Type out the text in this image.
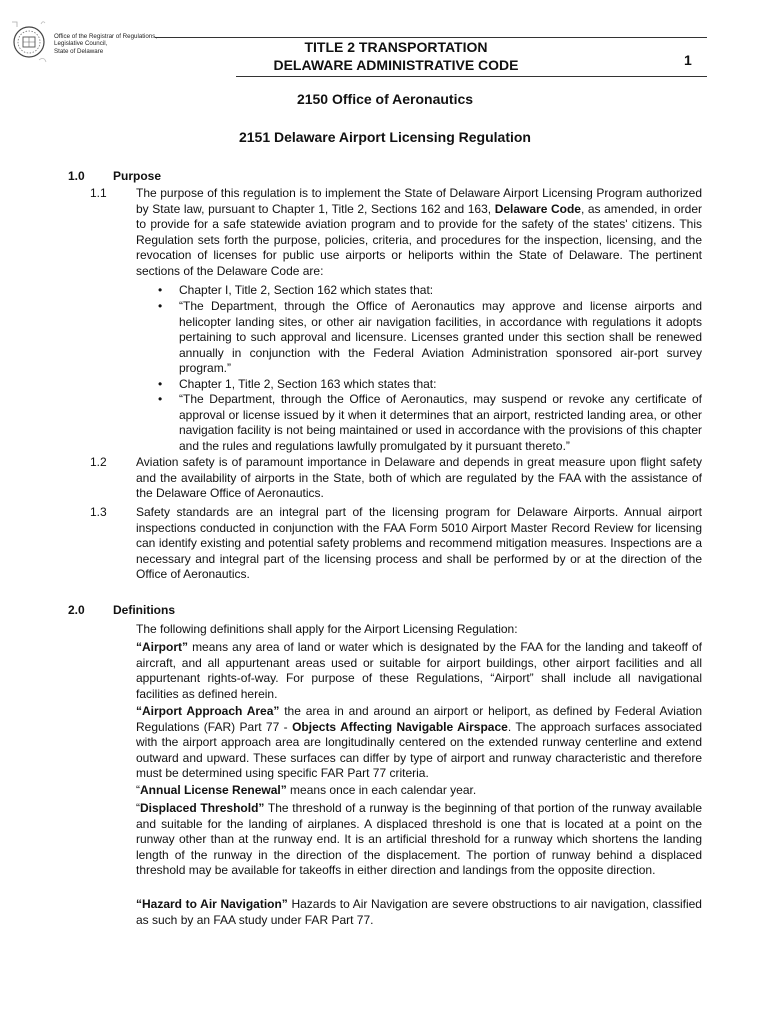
Office of the Registrar of Regulations,
Legislative Council,
State of Delaware	TITLE 2 TRANSPORTATION
DELAWARE ADMINISTRATIVE CODE	1
2150 Office of Aeronautics
2151 Delaware Airport Licensing Regulation
1.0 Purpose
1.1 The purpose of this regulation is to implement the State of Delaware Airport Licensing Program authorized by State law, pursuant to Chapter 1, Title 2, Sections 162 and 163, Delaware Code, as amended, in order to provide for a safe statewide aviation program and to provide for the safety of the states' citizens. This Regulation sets forth the purpose, policies, criteria, and procedures for the inspection, licensing, and the revocation of licenses for public use airports or heliports within the State of Delaware. The pertinent sections of the Delaware Code are:
• Chapter I, Title 2, Section 162 which states that:
• “The Department, through the Office of Aeronautics may approve and license airports and helicopter landing sites, or other air navigation facilities, in accordance with regulations it adopts pertaining to such approval and licensure. Licenses granted under this section shall be renewed annually in conjunction with the Federal Aviation Administration sponsored air-port survey program.”
• Chapter 1, Title 2, Section 163 which states that:
• “The Department, through the Office of Aeronautics, may suspend or revoke any certificate of approval or license issued by it when it determines that an airport, restricted landing area, or other navigation facility is not being maintained or used in accordance with the provisions of this chapter and the rules and regulations lawfully promulgated by it pursuant thereto.”
1.2 Aviation safety is of paramount importance in Delaware and depends in great measure upon flight safety and the availability of airports in the State, both of which are regulated by the FAA with the assistance of the Delaware Office of Aeronautics.
1.3 Safety standards are an integral part of the licensing program for Delaware Airports. Annual airport inspections conducted in conjunction with the FAA Form 5010 Airport Master Record Review for licensing can identify existing and potential safety problems and recommend mitigation measures. Inspections are a necessary and integral part of the licensing process and shall be performed by or at the direction of the Office of Aeronautics.
2.0 Definitions
The following definitions shall apply for the Airport Licensing Regulation:
“Airport” means any area of land or water which is designated by the FAA for the landing and takeoff of aircraft, and all appurtenant areas used or suitable for airport buildings, other airport facilities and all appurtenant rights-of-way. For purpose of these Regulations, “Airport” shall include all navigational facilities as defined herein.
“Airport Approach Area” the area in and around an airport or heliport, as defined by Federal Aviation Regulations (FAR) Part 77 - Objects Affecting Navigable Airspace. The approach surfaces associated with the airport approach area are longitudinally centered on the extended runway centerline and extend outward and upward. These surfaces can differ by type of airport and runway characteristic and therefore must be determined using specific FAR Part 77 criteria.
“Annual License Renewal” means once in each calendar year.
“Displaced Threshold” The threshold of a runway is the beginning of that portion of the runway available and suitable for the landing of airplanes. A displaced threshold is one that is located at a point on the runway other than at the runway end. It is an artificial threshold for a runway which shortens the landing length of the runway in the direction of the displacement. The portion of runway behind a displaced threshold may be available for takeoffs in either direction and landings from the opposite direction.
“Hazard to Air Navigation” Hazards to Air Navigation are severe obstructions to air navigation, classified as such by an FAA study under FAR Part 77.
